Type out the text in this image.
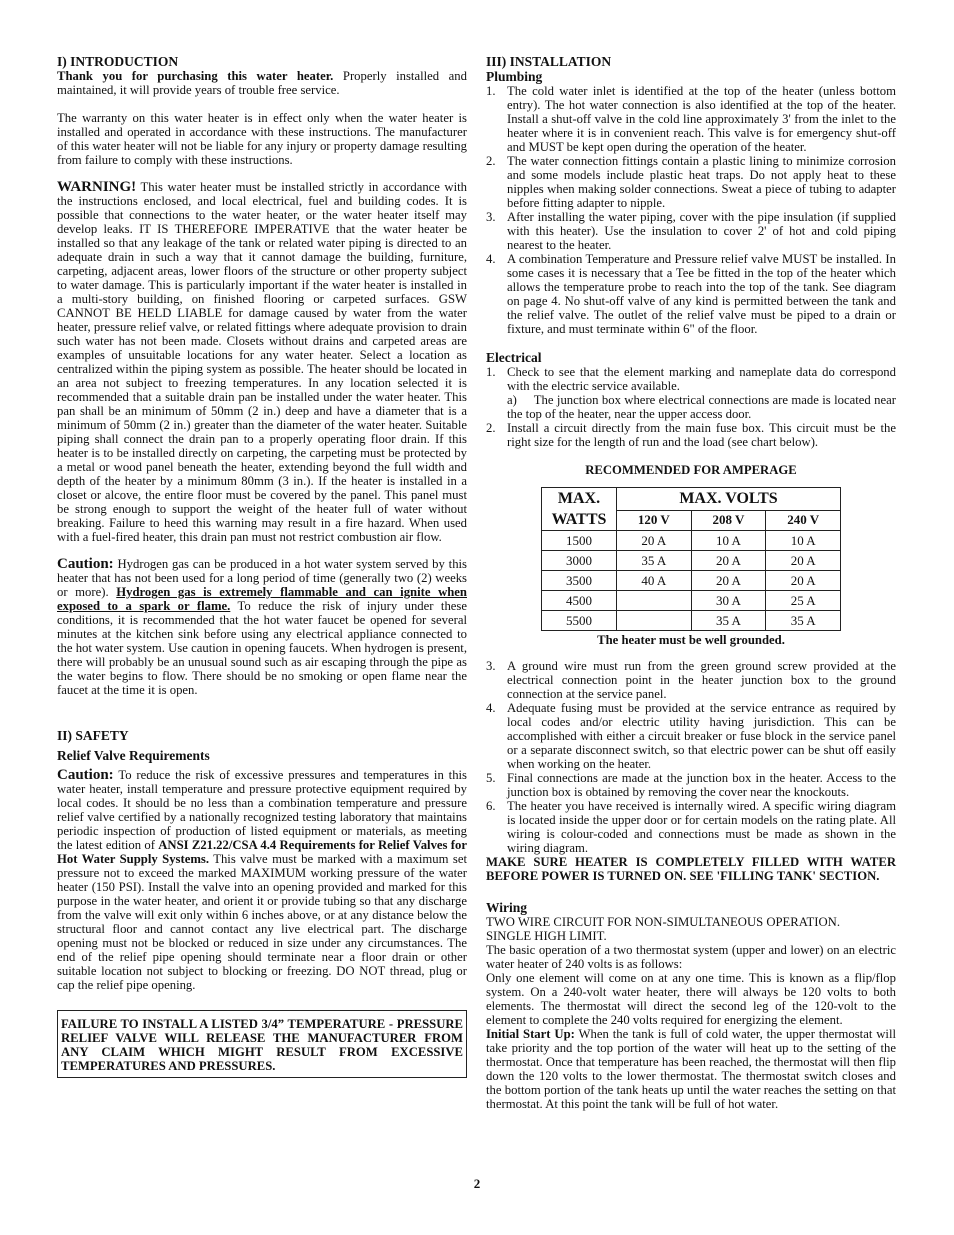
I) INTRODUCTION

Thank you for purchasing this water heater. Properly installed and maintained, it will provide years of trouble free service.

The warranty on this water heater is in effect only when the water heater is installed and operated in accordance with these instructions. The manufacturer of this water heater will not be liable for any injury or property damage resulting from failure to comply with these instructions.

WARNING! This water heater must be installed strictly in accordance with the instructions enclosed, and local electrical, fuel and building codes. It is possible that connections to the water heater, or the water heater itself may develop leaks. IT IS THEREFORE IMPERATIVE that the water heater be installed so that any leakage of the tank or related water piping is directed to an adequate drain in such a way that it cannot damage the building, furniture, carpeting, adjacent areas, lower floors of the structure or other property subject to water damage. This is particularly important if the water heater is installed in a multi-story building, on finished flooring or carpeted surfaces. GSW CANNOT BE HELD LIABLE for damage caused by water from the water heater, pressure relief valve, or related fittings where adequate provision to drain such water has not been made. Closets without drains and carpeted areas are examples of unsuitable locations for any water heater. Select a location as centralized within the piping system as possible. The heater should be located in an area not subject to freezing temperatures. In any location selected it is recommended that a suitable drain pan be installed under the water heater. This pan shall be an minimum of 50mm (2 in.) deep and have a diameter that is a minimum of 50mm (2 in.) greater than the diameter of the water heater. Suitable piping shall connect the drain pan to a properly operating floor drain. If this heater is to be installed directly on carpeting, the carpeting must be protected by a metal or wood panel beneath the heater, extending beyond the full width and depth of the heater by a minimum 80mm (3 in.). If the heater is installed in a closet or alcove, the entire floor must be covered by the panel. This panel must be strong enough to support the weight of the heater full of water without breaking. Failure to heed this warning may result in a fire hazard. When used with a fuel-fired heater, this drain pan must not restrict combustion air flow.

Caution: Hydrogen gas can be produced in a hot water system served by this heater that has not been used for a long period of time (generally two (2) weeks or more). Hydrogen gas is extremely flammable and can ignite when exposed to a spark or flame. To reduce the risk of injury under these conditions, it is recommended that the hot water faucet be opened for several minutes at the kitchen sink before using any electrical appliance connected to the hot water system. Use caution in opening faucets. When hydrogen is present, there will probably be an unusual sound such as air escaping through the pipe as the water begins to flow. There should be no smoking or open flame near the faucet at the time it is open.

II) SAFETY
Relief Valve Requirements

Caution: To reduce the risk of excessive pressures and temperatures in this water heater, install temperature and pressure protective equipment required by local codes. It should be no less than a combination temperature and pressure relief valve certified by a nationally recognized testing laboratory that maintains periodic inspection of production of listed equipment or materials, as meeting the latest edition of ANSI Z21.22/CSA 4.4 Requirements for Relief Valves for Hot Water Supply Systems. This valve must be marked with a maximum set pressure not to exceed the marked MAXIMUM working pressure of the water heater (150 PSI). Install the valve into an opening provided and marked for this purpose in the water heater, and orient it or provide tubing so that any discharge from the valve will exit only within 6 inches above, or at any distance below the structural floor and cannot contact any live electrical part. The discharge opening must not be blocked or reduced in size under any circumstances. The end of the relief pipe opening should terminate near a floor drain or other suitable location not subject to blocking or freezing. DO NOT thread, plug or cap the relief pipe opening.

FAILURE TO INSTALL A LISTED 3/4” TEMPERATURE - PRESSURE RELIEF VALVE WILL RELEASE THE MANUFACTURER FROM ANY CLAIM WHICH MIGHT RESULT FROM EXCESSIVE TEMPERATURES AND PRESSURES.
III) INSTALLATION
Plumbing
1. The cold water inlet is identified at the top of the heater (unless bottom entry). The hot water connection is also identified at the top of the heater. Install a shut-off valve in the cold line approximately 3' from the inlet to the heater where it is in convenient reach. This valve is for emergency shut-off and MUST be kept open during the operation of the heater.
2. The water connection fittings contain a plastic lining to minimize corrosion and some models include plastic heat traps. Do not apply heat to these nipples when making solder connections. Sweat a piece of tubing to adapter before fitting adapter to nipple.
3. After installing the water piping, cover with the pipe insulation (if supplied with this heater). Use the insulation to cover 2' of hot and cold piping nearest to the heater.
4. A combination Temperature and Pressure relief valve MUST be installed. In some cases it is necessary that a Tee be fitted in the top of the heater which allows the temperature probe to reach into the top of the tank. See diagram on page 4. No shut-off valve of any kind is permitted between the tank and the relief valve. The outlet of the relief valve must be piped to a drain or fixture, and must terminate within 6" of the floor.
Electrical
1. Check to see that the element marking and nameplate data do correspond with the electric service available.
a)     The junction box where electrical connections are made is located near the top of the heater, near the upper access door.
2. Install a circuit directly from the main fuse box. This circuit must be the right size for the length of run and the load (see chart below).
RECOMMENDED FOR AMPERAGE
MAX.
WATTS	MAX. VOLTS		
	120 V	208 V	240 V
1500	20 A	10 A	10 A
3000	35 A	20 A	20 A
3500	40 A	20 A	20 A
4500		30 A	25 A
5500		35 A	35 A
The heater must be well grounded.
3. A ground wire must run from the green ground screw provided at the electrical connection point in the heater junction box to the ground connection at the service panel.
4. Adequate fusing must be provided at the service entrance as required by local codes and/or electric utility having jurisdiction. This can be accomplished with either a circuit breaker or fuse block in the service panel or a separate disconnect switch, so that electric power can be shut off easily when working on the heater.
5. Final connections are made at the junction box in the heater. Access to the junction box is obtained by removing the cover near the knockouts.
6. The heater you have received is internally wired. A specific wiring diagram is located inside the upper door or for certain models on the rating plate. All wiring is colour-coded and connections must be made as shown in the wiring diagram.

MAKE SURE HEATER IS COMPLETELY FILLED WITH WATER BEFORE POWER IS TURNED ON. SEE 'FILLING TANK' SECTION.

Wiring
TWO WIRE CIRCUIT FOR NON-SIMULTANEOUS OPERATION.
SINGLE HIGH LIMIT.

The basic operation of a two thermostat system (upper and lower) on an electric water heater of 240 volts is as follows:

Only one element will come on at any one time. This is known as a flip/flop system. On a 240-volt water heater, there will always be 120 volts to both elements. The thermostat will direct the second leg of the 120-volt to the element to complete the 240 volts required for energizing the element.

Initial Start Up: When the tank is full of cold water, the upper thermostat will take priority and the top portion of the water will heat up to the setting of the thermostat. Once that temperature has been reached, the thermostat will then flip down the 120 volts to the lower thermostat. The thermostat switch closes and the bottom portion of the tank heats up until the water reaches the setting on that thermostat. At this point the tank will be full of hot water.

2
